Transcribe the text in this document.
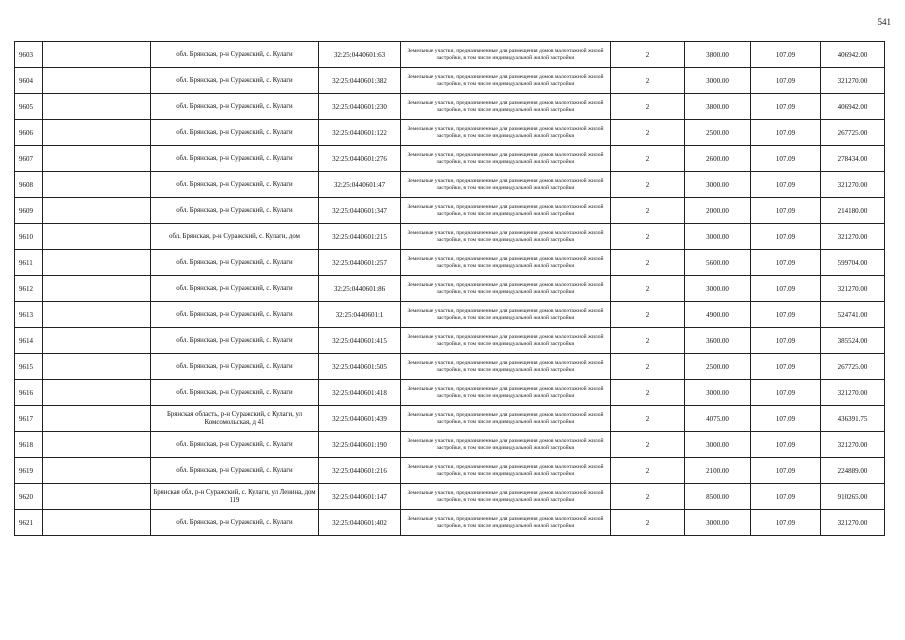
541
9603		обл. Брянская, р-н Суражский, с. Кулаги	32:25:0440601:63	Земельные участки, предназначенные для размещения домов малоэтажной жилой застройки, в том числе индивидуальной жилой застройки	2	3800.00	107.09	406942.00
9604		обл. Брянская, р-н Суражский, с. Кулаги	32:25:0440601:382	Земельные участки, предназначенные для размещения домов малоэтажной жилой застройки, в том числе индивидуальной жилой застройки	2	3000.00	107.09	321270.00
9605		обл. Брянская, р-н Суражский, с. Кулаги	32:25:0440601:230	Земельные участки, предназначенные для размещения домов малоэтажной жилой застройки, в том числе индивидуальной жилой застройки	2	3800.00	107.09	406942.00
9606		обл. Брянская, р-н Суражский, с. Кулаги	32:25:0440601:122	Земельные участки, предназначенные для размещения домов малоэтажной жилой застройки, в том числе индивидуальной жилой застройки	2	2500.00	107.09	267725.00
9607		обл. Брянская, р-н Суражский, с. Кулаги	32:25:0440601:276	Земельные участки, предназначенные для размещения домов малоэтажной жилой застройки, в том числе индивидуальной жилой застройки	2	2600.00	107.09	278434.00
9608		обл. Брянская, р-н Суражский, с. Кулаги	32:25:0440601:47	Земельные участки, предназначенные для размещения домов малоэтажной жилой застройки, в том числе индивидуальной жилой застройки	2	3000.00	107.09	321270.00
9609		обл. Брянская, р-н Суражский, с. Кулаги	32:25:0440601:347	Земельные участки, предназначенные для размещения домов малоэтажной жилой застройки, в том числе индивидуальной жилой застройки	2	2000.00	107.09	214180.00
9610		обл. Брянская, р-н Суражский, с. Кулаги, дом	32:25:0440601:215	Земельные участки, предназначенные для размещения домов малоэтажной жилой застройки, в том числе индивидуальной жилой застройки	2	3000.00	107.09	321270.00
9611		обл. Брянская, р-н Суражский, с. Кулаги	32:25:0440601:257	Земельные участки, предназначенные для размещения домов малоэтажной жилой застройки, в том числе индивидуальной жилой застройки	2	5600.00	107.09	599704.00
9612		обл. Брянская, р-н Суражский, с. Кулаги	32:25:0440601:86	Земельные участки, предназначенные для размещения домов малоэтажной жилой застройки, в том числе индивидуальной жилой застройки	2	3000.00	107.09	321270.00
9613		обл. Брянская, р-н Суражский, с. Кулаги	32:25:0440601:1	Земельные участки, предназначенные для размещения домов малоэтажной жилой застройки, в том числе индивидуальной жилой застройки	2	4900.00	107.09	524741.00
9614		обл. Брянская, р-н Суражский, с. Кулаги	32:25:0440601:415	Земельные участки, предназначенные для размещения домов малоэтажной жилой застройки, в том числе индивидуальной жилой застройки	2	3600.00	107.09	385524.00
9615		обл. Брянская, р-н Суражский, с. Кулаги	32:25:0440601:505	Земельные участки, предназначенные для размещения домов малоэтажной жилой застройки, в том числе индивидуальной жилой застройки	2	2500.00	107.09	267725.00
9616		обл. Брянская, р-н Суражский, с. Кулаги	32:25:0440601:418	Земельные участки, предназначенные для размещения домов малоэтажной жилой застройки, в том числе индивидуальной жилой застройки	2	3000.00	107.09	321270.00
9617		Брянская область, р-н Суражский, с Кулаги, ул Комсомольская, д 41	32:25:0440601:439	Земельные участки, предназначенные для размещения домов малоэтажной жилой застройки, в том числе индивидуальной жилой застройки	2	4075.00	107.09	436391.75
9618		обл. Брянская, р-н Суражский, с. Кулаги	32:25:0440601:190	Земельные участки, предназначенные для размещения домов малоэтажной жилой застройки, в том числе индивидуальной жилой застройки	2	3000.00	107.09	321270.00
9619		обл. Брянская, р-н Суражский, с. Кулаги	32:25:0440601:216	Земельные участки, предназначенные для размещения домов малоэтажной жилой застройки, в том числе индивидуальной жилой застройки	2	2100.00	107.09	224889.00
9620		Брянская обл, р-н Суражский, с. Кулаги, ул Ленина, дом 119	32:25:0440601:147	Земельные участки, предназначенные для размещения домов малоэтажной жилой застройки, в том числе индивидуальной жилой застройки	2	8500.00	107.09	910265.00
9621		обл. Брянская, р-н Суражский, с. Кулаги	32:25:0440601:402	Земельные участки, предназначенные для размещения домов малоэтажной жилой застройки, в том числе индивидуальной жилой застройки	2	3000.00	107.09	321270.00
